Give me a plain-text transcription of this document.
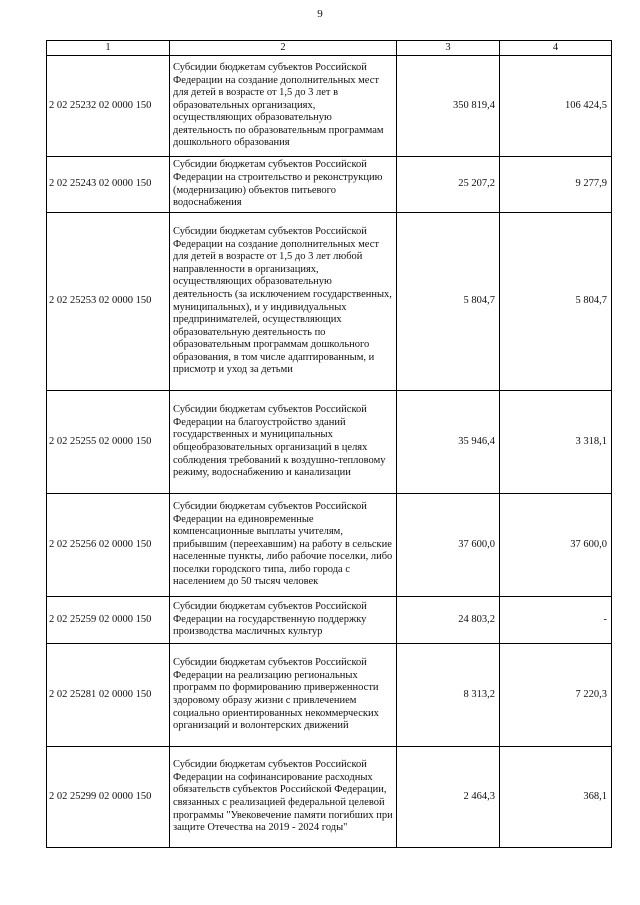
9
1	2	3	4
2 02 25232 02 0000 150	Субсидии бюджетам субъектов Российской Федерации на создание дополнительных мест для детей в возрасте от 1,5 до 3 лет в образовательных организациях, осуществляющих образовательную деятельность по образовательным программам дошкольного образования	350 819,4	106 424,5
2 02 25243 02 0000 150	Субсидии бюджетам субъектов Российской Федерации на строительство и реконструкцию (модернизацию) объектов питьевого водоснабжения	25 207,2	9 277,9
2 02 25253 02 0000 150	Субсидии бюджетам субъектов Российской Федерации на создание дополнительных мест для детей в возрасте от 1,5 до 3 лет любой направленности в организациях, осуществляющих образовательную деятельность (за исключением государственных, муниципальных), и у индивидуальных предпринимателей, осуществляющих образовательную деятельность по образовательным программам дошкольного образования, в том числе адаптированным, и присмотр и уход за детьми	5 804,7	5 804,7
2 02 25255 02 0000 150	Субсидии бюджетам субъектов Российской Федерации на благоустройство зданий государственных и муниципальных общеобразовательных организаций в целях соблюдения требований к воздушно-тепловому режиму, водоснабжению и канализации	35 946,4	3 318,1
2 02 25256 02 0000 150	Субсидии бюджетам субъектов Российской Федерации на единовременные компенсационные выплаты учителям, прибывшим (переехавшим) на работу в сельские населенные пункты, либо рабочие поселки, либо поселки городского типа, либо города с населением до 50 тысяч человек	37 600,0	37 600,0
2 02 25259 02 0000 150	Субсидии бюджетам субъектов Российской Федерации на государственную поддержку производства масличных культур	24 803,2	-
2 02 25281 02 0000 150	Субсидии бюджетам субъектов Российской Федерации на реализацию региональных программ по формированию приверженности здоровому образу жизни с привлечением социально ориентированных некоммерческих организаций и волонтерских движений	8 313,2	7 220,3
2 02 25299 02 0000 150	Субсидии бюджетам субъектов Российской Федерации на софинансирование расходных обязательств субъектов Российской Федерации, связанных с реализацией федеральной целевой программы "Увековечение памяти погибших при защите Отечества на 2019 - 2024 годы"	2 464,3	368,1
